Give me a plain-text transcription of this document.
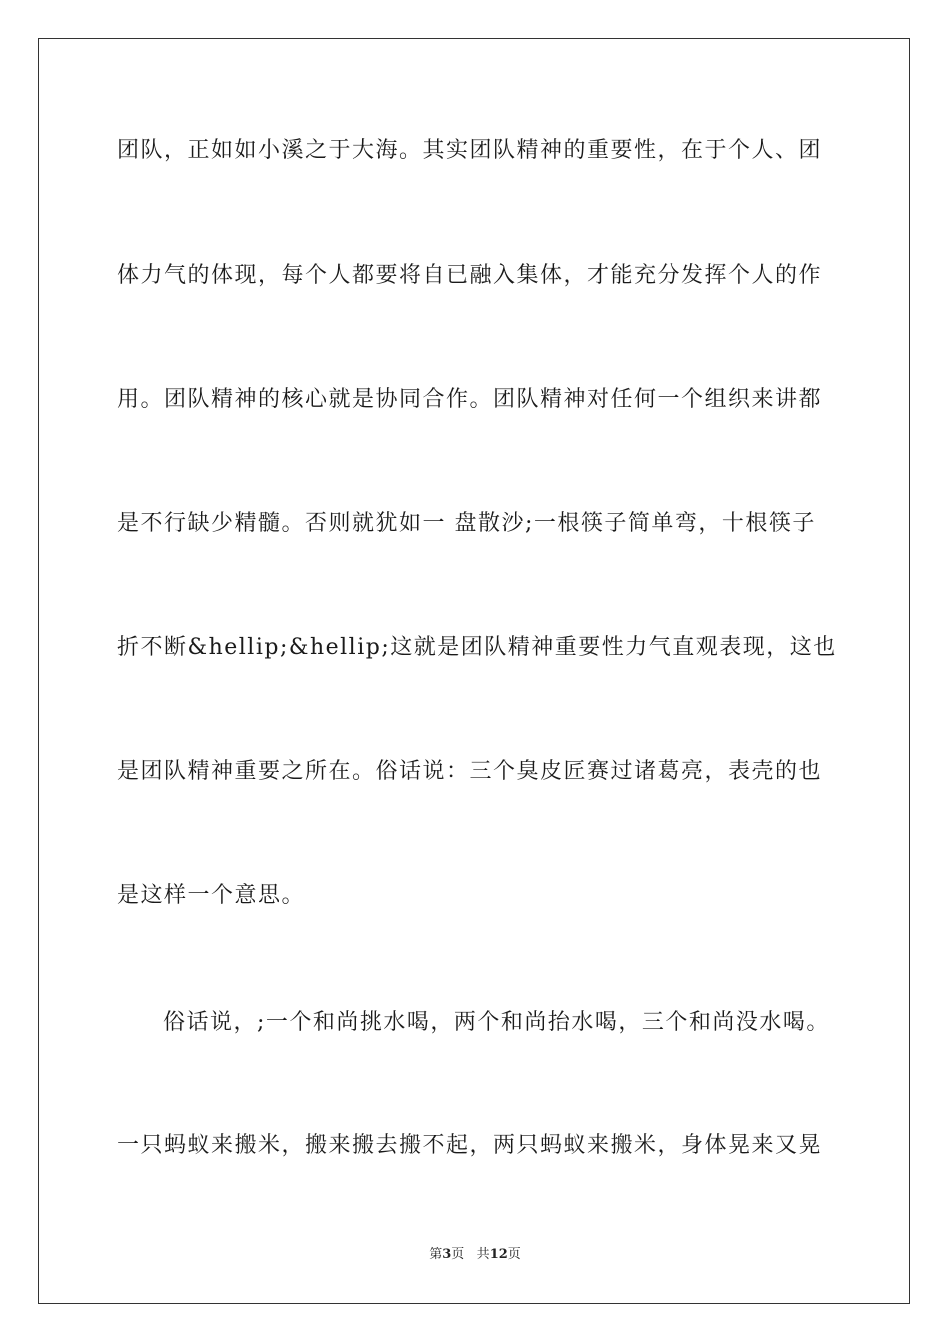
团队，正如如小溪之于大海。其实团队精神的重要性，在于个人、团
体力气的体现，每个人都要将自已融入集体，才能充分发挥个人的作
用。团队精神的核心就是协同合作。团队精神对任何一个组织来讲都
是不行缺少精髓。否则就犹如一 盘散沙;一根筷子简单弯，十根筷子
折不断&hellip;&hellip;这就是团队精神重要性力气直观表现，这也
是团队精神重要之所在。俗话说：三个臭皮匠赛过诸葛亮，表壳的也
是这样一个意思。
俗话说，;一个和尚挑水喝，两个和尚抬水喝，三个和尚没水喝。
一只蚂蚁来搬米，搬来搬去搬不起，两只蚂蚁来搬米，身体晃来又晃
第3页 共12页
